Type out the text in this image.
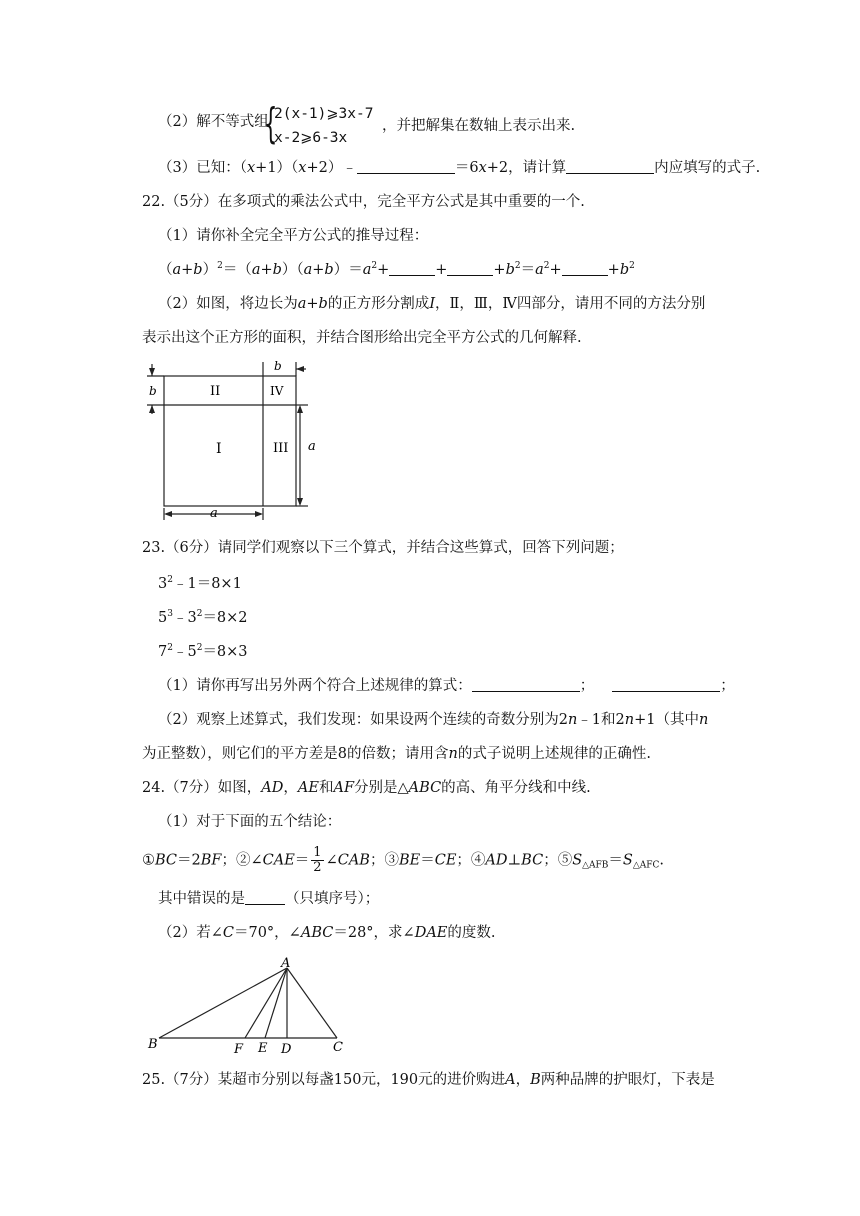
（2）解不等式组
{
2(x-1)⩾3x-7
x-2⩾6-3x
，并把解集在数轴上表示出来.
（3）已知：（x+1）（x+2）﹣	＝6x+2，请计算	内应填写的式子.
22.（5分）在多项式的乘法公式中，完全平方公式是其中重要的一个.
（1）请你补全完全平方公式的推导过程：
$(a+b)^2=(a+b)(a+b)=a^2+$	+	$+b^2=a^2+$	$+b^2$
（2）如图，将边长为a+b的正方形分割成I，Ⅱ，Ⅲ，Ⅳ四部分，请用不同的方法分别
表示出这个正方形的面积，并结合图形给出完全平方公式的几何解释.
II	IV
I	III a
a
b
b
23.（6分）请同学们观察以下三个算式，并结合这些算式，回答下列问题；
$3^2﹣1=8\times 1$
$5^3﹣3^2=8\times 2$
$7^2﹣5^2=8\times 3$
（1）请你再写出另外两个符合上述规律的算式：	；	；
（2）观察上述算式，我们发现：如果设两个连续的奇数分别为2n﹣1和2n+1（其中n
为正整数），则它们的平方差是8的倍数；请用含n的式子说明上述规律的正确性.
24.（7分）如图，AD，AE和AF分别是△ABC的高、角平分线和中线.
（1）对于下面的五个结论：
①BC＝2BF；②∠CAE＝ $\frac{1}{2}$ ∠CAB；③BE＝CE；④AD⊥BC；$⑤S_{\triangle AFB}=S_{\triangle AFC}$.
其中错误的是	（只填序号）；
（2）若∠C＝70°，∠ABC＝28°，求∠DAE的度数.
A
B	C
D
E
F
25.（7分）某超市分别以每盏150元，190元的进价购进A，B两种品牌的护眼灯，下表是
